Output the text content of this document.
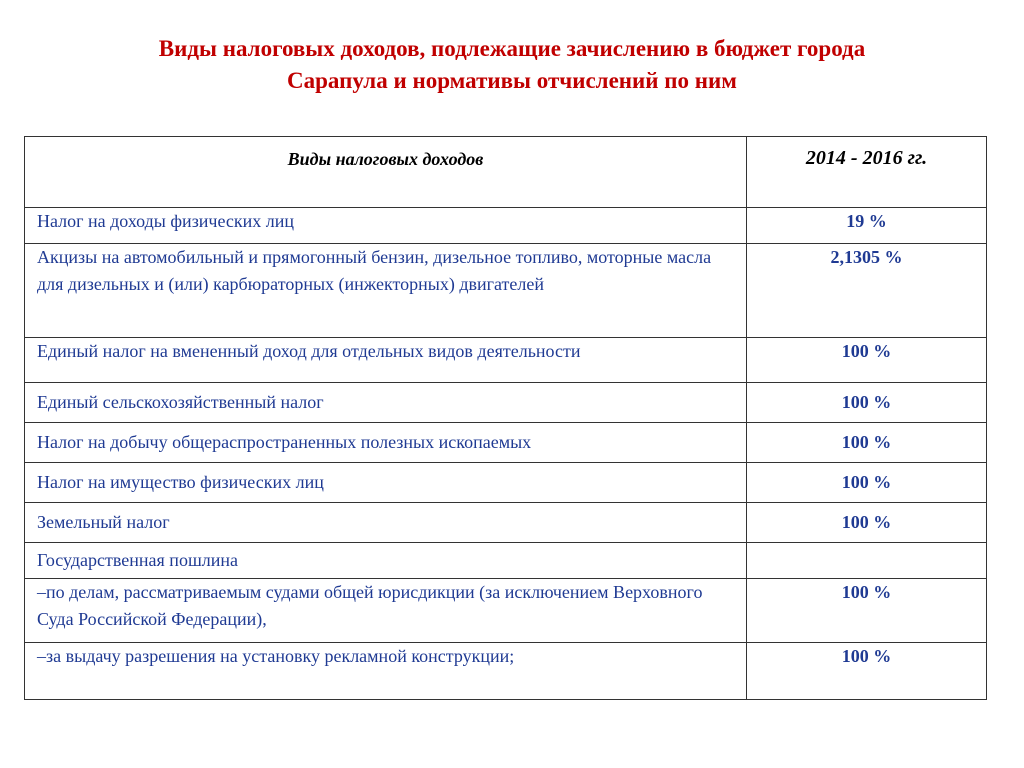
Виды налоговых доходов, подлежащие зачислению в бюджет города
Сарапула и нормативы отчислений по ним
Виды налоговых доходов	2014 - 2016 гг.
Налог на доходы физических лиц	19 %
Акцизы на автомобильный и прямогонный бензин, дизельное топливо, моторные масла для дизельных и (или) карбюраторных (инжекторных) двигателей	2,1305 %
Единый налог на вмененный доход для отдельных видов деятельности	100 %
Единый сельскохозяйственный налог	100 %
Налог на добычу общераспространенных полезных ископаемых	100 %
Налог на имущество физических лиц	100 %
Земельный налог	100 %
Государственная пошлина	
–по делам, рассматриваемым судами общей юрисдикции (за исключением Верховного Суда Российской Федерации),	100 %
–за выдачу разрешения на установку рекламной конструкции;	100 %
